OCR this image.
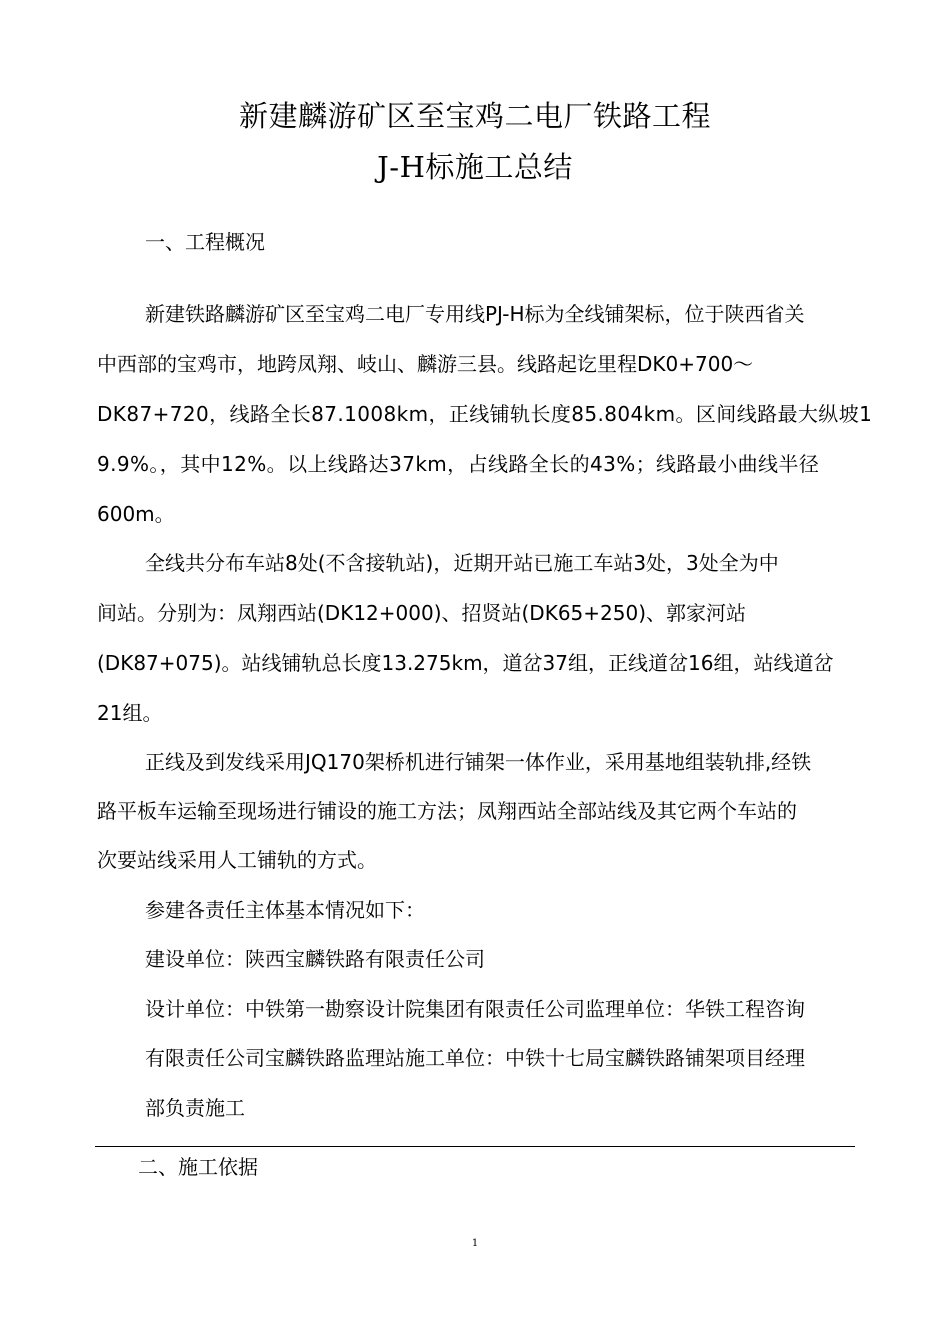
新建麟游矿区至宝鸡二电厂铁路工程
J-H标施工总结
一、工程概况
新建铁路麟游矿区至宝鸡二电厂专用线PJ-H标为全线铺架标，位于陕西省关
中西部的宝鸡市，地跨凤翔、岐山、麟游三县。线路起讫里程DK0+700〜
DK87+720，线路全长87.1008km，正线铺轨长度85.804km。区间线路最大纵坡1
9.9%。，其中12%。以上线路达37km，占线路全长的43%；线路最小曲线半径
600m。
全线共分布车站8处(不含接轨站)，近期开站已施工车站3处，3处全为中
间站。分别为：凤翔西站(DK12+000)、招贤站(DK65+250)、郭家河站
(DK87+075)。站线铺轨总长度13.275km，道岔37组，正线道岔16组，站线道岔
21组。
正线及到发线采用JQ170架桥机进行铺架一体作业，采用基地组装轨排,经铁
路平板车运输至现场进行铺设的施工方法；凤翔西站全部站线及其它两个车站的
次要站线采用人工铺轨的方式。
参建各责任主体基本情况如下：
建设单位：陕西宝麟铁路有限责任公司
设计单位：中铁第一勘察设计院集团有限责任公司监理单位：华铁工程咨询
有限责任公司宝麟铁路监理站施工单位：中铁十七局宝麟铁路铺架项目经理
部负责施工
二、施工依据
1
